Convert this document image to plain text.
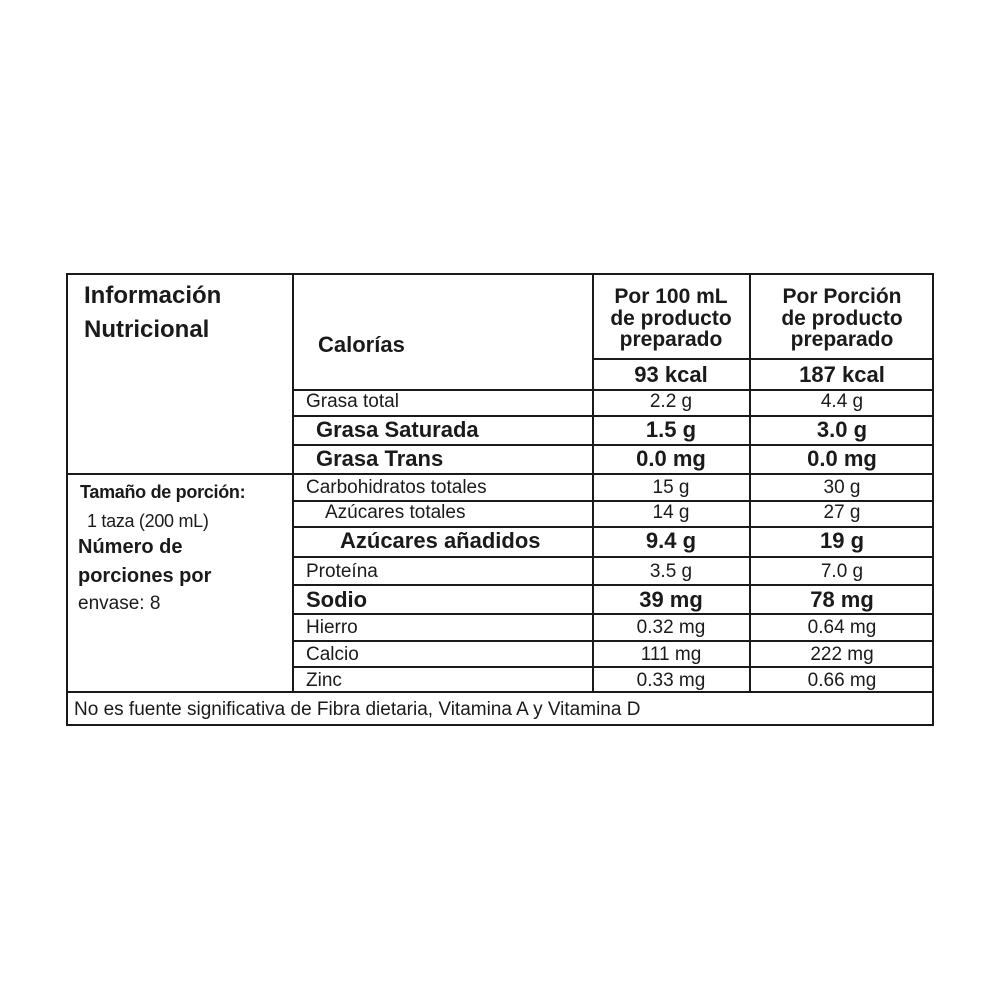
Información
Nutricional
Calorías
Por 100 mL
de producto
preparado
Por Porción
de producto
preparado
93 kcal	187 kcal
Tamaño de porción:
1 taza (200 mL)
Número de
porciones por
envase: 8
Grasa total
Grasa Saturada
Grasa Trans
Carbohidratos totales
Azúcares totales
Azúcares añadidos
Proteína
Sodio
Hierro
Calcio
Zinc
2.2 g
1.5 g
0.0 mg
15 g
14 g
9.4 g
3.5 g
39 mg
0.32 mg
111 mg
0.33 mg
4.4 g
3.0 g
0.0 mg
30 g
27 g
19 g
7.0 g
78 mg
0.64 mg
222 mg
0.66 mg
No es fuente significativa de Fibra dietaria, Vitamina A y Vitamina D
